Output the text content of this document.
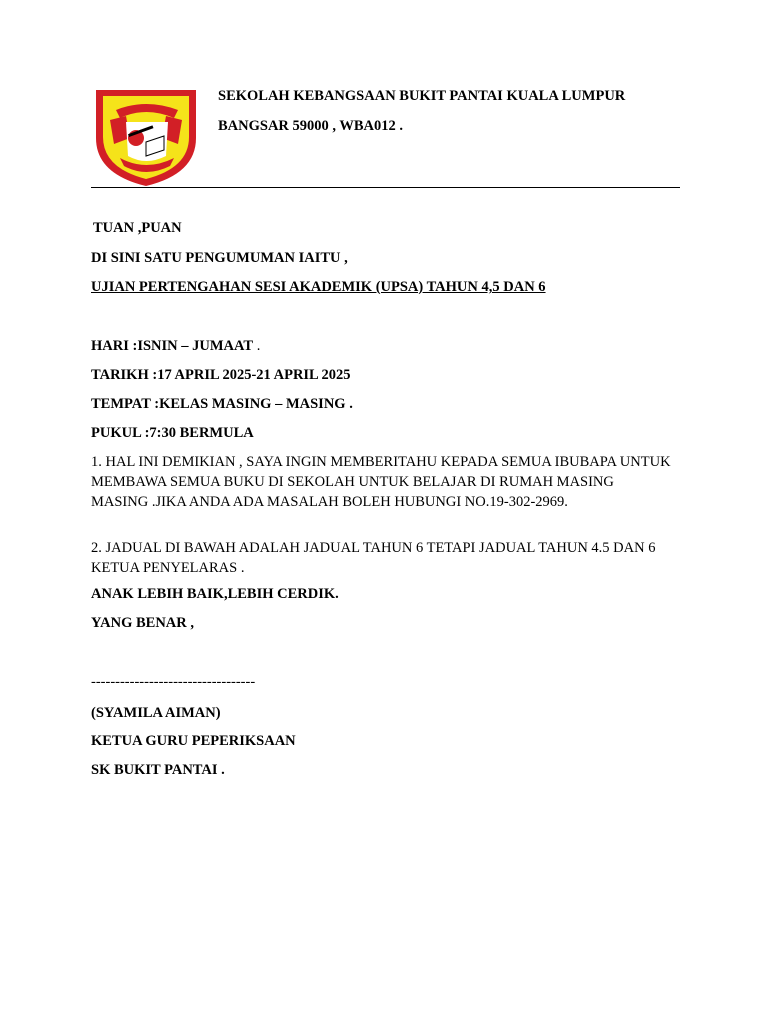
SEKOLAH KEBANGSAAN BUKIT PANTAI KUALA LUMPUR
BANGSAR 59000 , WBA012 .
TUAN ,PUAN
DI SINI SATU PENGUMUMAN IAITU ,
UJIAN PERTENGAHAN SESI AKADEMIK (UPSA) TAHUN 4,5 DAN 6
HARI :ISNIN – JUMAAT .
TARIKH :17 APRIL 2025-21 APRIL 2025
TEMPAT :KELAS MASING – MASING .
PUKUL :7:30 BERMULA
1. HAL INI DEMIKIAN , SAYA INGIN MEMBERITAHU KEPADA SEMUA IBUBAPA UNTUK MEMBAWA SEMUA BUKU DI SEKOLAH UNTUK BELAJAR DI RUMAH MASING MASING .JIKA ANDA ADA MASALAH BOLEH HUBUNGI NO.19-302-2969.
2. JADUAL DI BAWAH ADALAH JADUAL TAHUN 6 TETAPI JADUAL TAHUN 4.5 DAN 6 KETUA PENYELARAS .
ANAK LEBIH BAIK,LEBIH CERDIK.
YANG BENAR ,
----------------------------------
(SYAMILA AIMAN)
KETUA GURU PEPERIKSAAN
SK BUKIT PANTAI .
